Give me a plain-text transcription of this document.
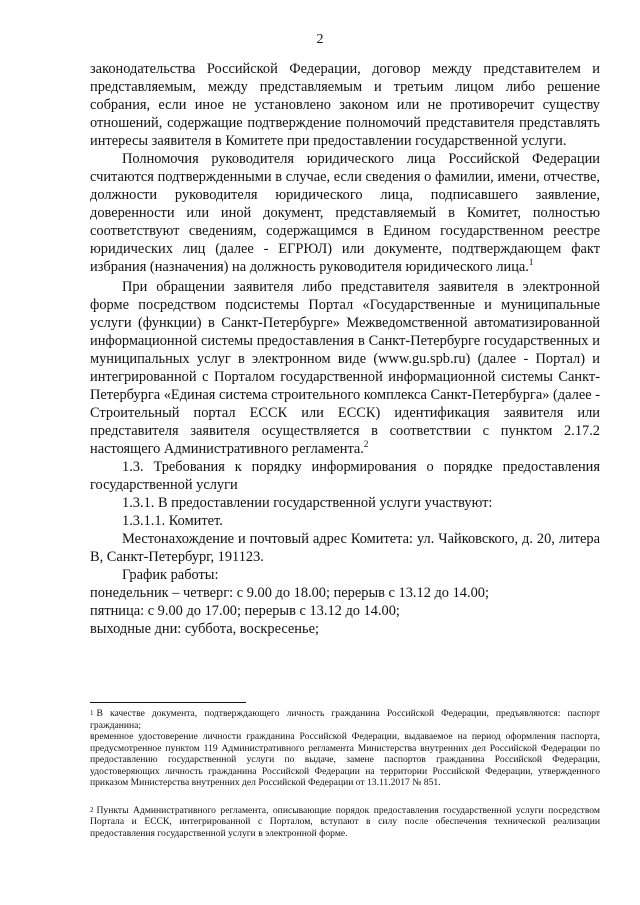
2

законодательства Российской Федерации, договор между представителем и представляемым, между представляемым и третьим лицом либо решение собрания, если иное не установлено законом или не противоречит существу отношений, содержащие подтверждение полномочий представителя представлять интересы заявителя в Комитете при предоставлении государственной услуги.

Полномочия руководителя юридического лица Российской Федерации считаются подтвержденными в случае, если сведения о фамилии, имени, отчестве, должности руководителя юридического лица, подписавшего заявление, доверенности или иной документ, представляемый в Комитет, полностью соответствуют сведениям, содержащимся в Едином государственном реестре юридических лиц (далее - ЕГРЮЛ) или документе, подтверждающем факт избрания (назначения) на должность руководителя юридического лица.$^1$

При обращении заявителя либо представителя заявителя в электронной форме посредством подсистемы Портал «Государственные и муниципальные услуги (функции) в Санкт-Петербурге» Межведомственной автоматизированной информационной системы предоставления в Санкт-Петербурге государственных и муниципальных услуг в электронном виде (www.gu.spb.ru) (далее - Портал) и интегрированной с Порталом государственной информационной системы Санкт-Петербурга «Единая система строительного комплекса Санкт-Петербурга» (далее - Строительный портал ЕССК или ЕССК) идентификация заявителя или представителя заявителя осуществляется в соответствии с пунктом 2.17.2 настоящего Административного регламента.$^2$

1.3. Требования к порядку информирования о порядке предоставления государственной услуги

1.3.1. В предоставлении государственной услуги участвуют:

1.3.1.1. Комитет.

Местонахождение и почтовый адрес Комитета: ул. Чайковского, д. 20, литера В, Санкт-Петербург, 191123.

График работы:

понедельник – четверг: с 9.00 до 18.00; перерыв с 13.12 до 14.00;

пятница: с 9.00 до 17.00; перерыв с 13.12 до 14.00;

выходные дни: суббота, воскресенье;

$^1$ В качестве документа, подтверждающего личность гражданина Российской Федерации, предъявляются: паспорт гражданина;

временное удостоверение личности гражданина Российской Федерации, выдаваемое на период оформления паспорта, предусмотренное пунктом 119 Административного регламента Министерства внутренних дел Российской Федерации по предоставлению государственной услуги по выдаче, замене паспортов гражданина Российской Федерации, удостоверяющих личность гражданина Российской Федерации на территории Российской Федерации, утвержденного приказом Министерства внутренних дел Российской Федерации от 13.11.2017 № 851.

$^2$ Пункты Административного регламента, описывающие порядок предоставления государственной услуги посредством Портала и ЕССК, интегрированной с Порталом, вступают в силу после обеспечения технической реализации предоставления государственной услуги в электронной форме.
